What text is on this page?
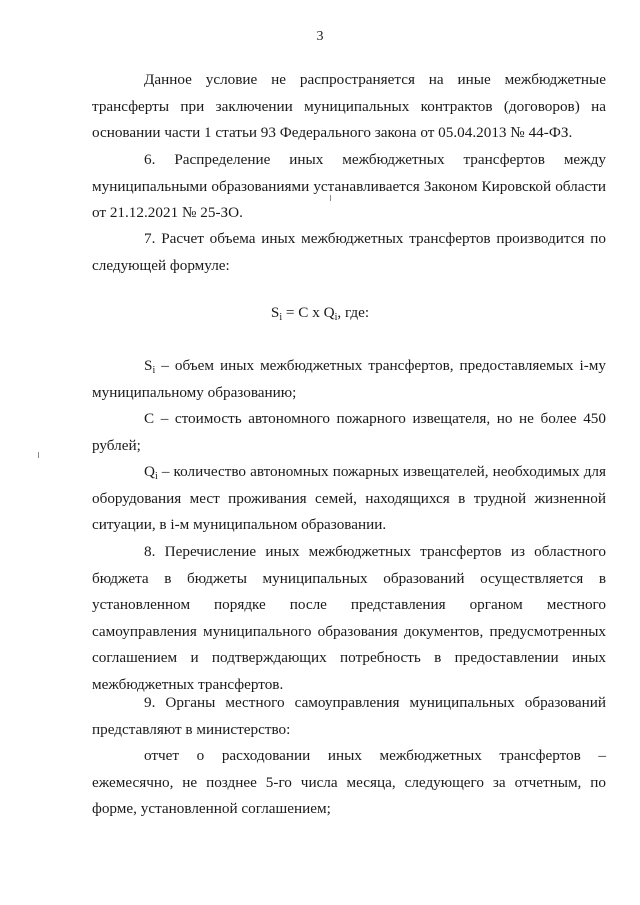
3

Данное условие не распространяется на иные межбюджетные трансферты при заключении муниципальных контрактов (договоров) на основании части 1 статьи 93 Федерального закона от 05.04.2013 № 44-ФЗ.

6. Распределение иных межбюджетных трансфертов между муниципальными образованиями устанавливается Законом Кировской области от 21.12.2021 № 25-ЗО.

7. Расчет объема иных межбюджетных трансфертов производится по следующей формуле:

$S_i = С$ х $Q_i$, где:

$S_i$ – объем иных межбюджетных трансфертов, предоставляемых i-му муниципальному образованию;

С – стоимость автономного пожарного извещателя, но не более 450 рублей;

$Q_i$ – количество автономных пожарных извещателей, необходимых для оборудования мест проживания семей, находящихся в трудной жизненной ситуации, в i-м муниципальном образовании.

8. Перечисление иных межбюджетных трансфертов из областного бюджета в бюджеты муниципальных образований осуществляется в установленном порядке после представления органом местного самоуправления муниципального образования документов, предусмотренных соглашением и подтверждающих потребность в предоставлении иных межбюджетных трансфертов.

9. Органы местного самоуправления муниципальных образований представляют в министерство:

отчет о расходовании иных межбюджетных трансфертов – ежемесячно, не позднее 5-го числа месяца, следующего за отчетным, по форме, установленной соглашением;
